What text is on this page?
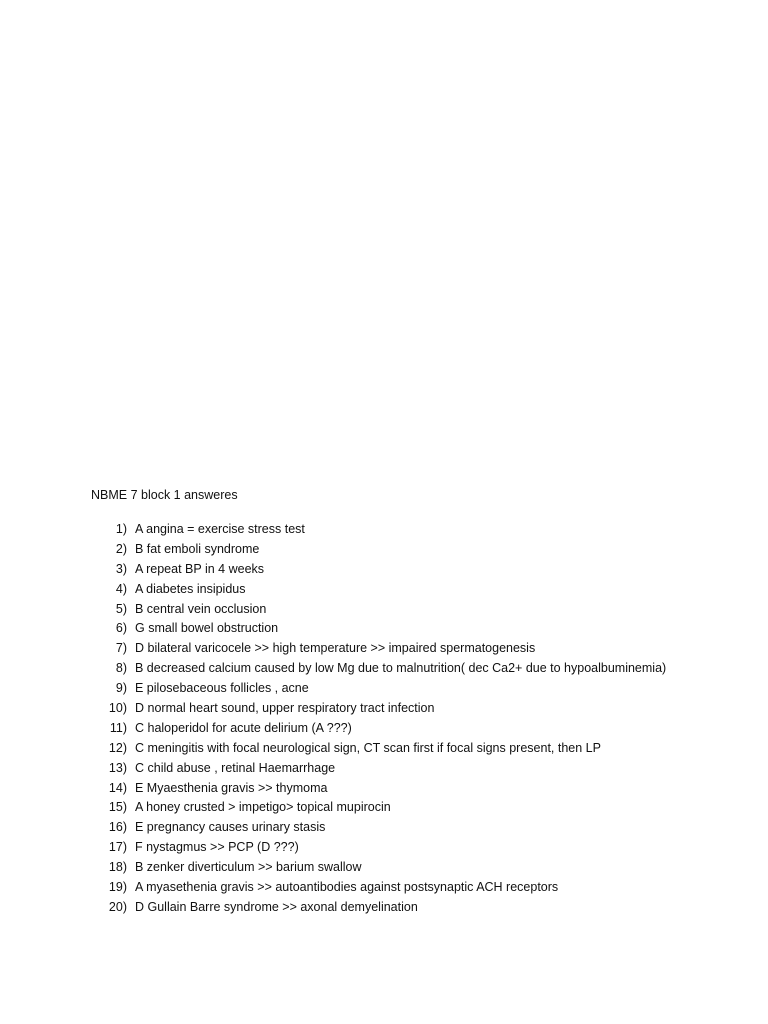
NBME 7 block 1 answeres
1) A angina = exercise stress test
2) B fat emboli syndrome
3) A repeat BP in 4 weeks
4) A diabetes insipidus
5) B central vein occlusion
6) G small bowel obstruction
7) D bilateral varicocele >> high temperature >> impaired spermatogenesis
8) B decreased calcium caused by low Mg due to malnutrition( dec Ca2+ due to hypoalbuminemia)
9) E pilosebaceous follicles , acne
10) D normal heart sound, upper respiratory tract infection
11) C haloperidol for acute delirium (A ???)
12) C meningitis with focal neurological sign, CT scan first if focal signs present, then LP
13) C child abuse , retinal Haemarrhage
14) E Myaesthenia gravis >> thymoma
15) A honey crusted > impetigo> topical mupirocin
16) E pregnancy causes urinary stasis
17) F nystagmus >> PCP (D ???)
18) B zenker diverticulum >> barium swallow
19) A myasethenia gravis >> autoantibodies against postsynaptic ACH receptors
20) D Gullain Barre syndrome >> axonal demyelination
